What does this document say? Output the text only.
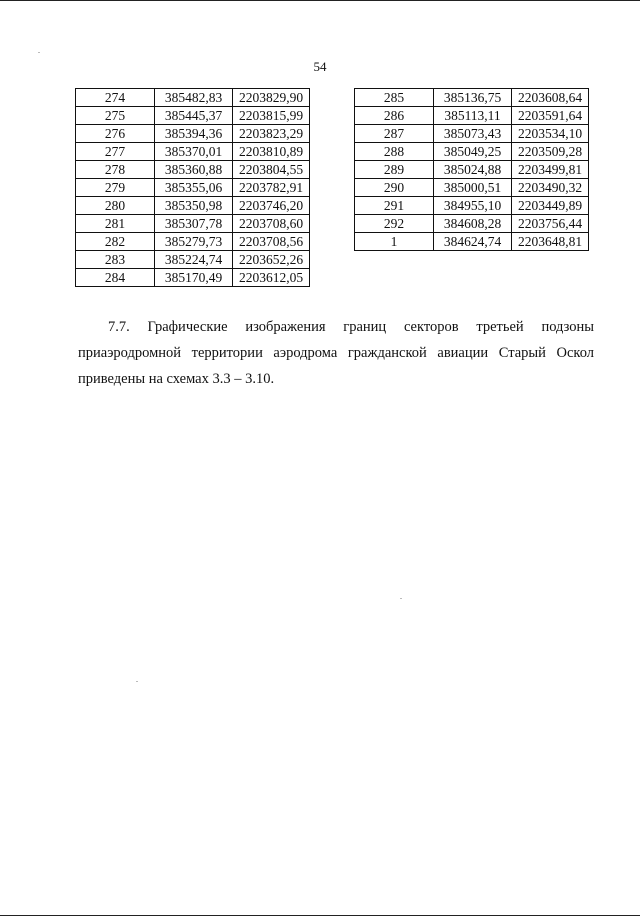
54
274	385482,83	2203829,90
275	385445,37	2203815,99
276	385394,36	2203823,29
277	385370,01	2203810,89
278	385360,88	2203804,55
279	385355,06	2203782,91
280	385350,98	2203746,20
281	385307,78	2203708,60
282	385279,73	2203708,56
283	385224,74	2203652,26
284	385170,49	2203612,05
285	385136,75	2203608,64
286	385113,11	2203591,64
287	385073,43	2203534,10
288	385049,25	2203509,28
289	385024,88	2203499,81
290	385000,51	2203490,32
291	384955,10	2203449,89
292	384608,28	2203756,44
1	384624,74	2203648,81
7.7. Графические изображения границ секторов третьей подзоны
приаэродромной территории аэродрома гражданской авиации Старый Оскол
приведены на схемах 3.3 – 3.10.
